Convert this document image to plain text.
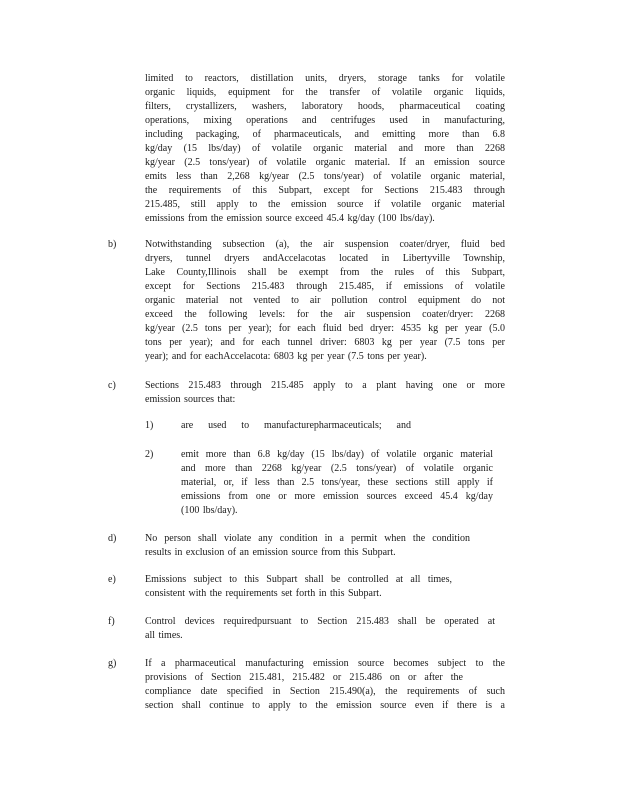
limited to reactors, distillation units, dryers, storage tanks for volatile
organic liquids, equipment for the transfer of volatile organic liquids,
filters, crystallizers, washers, laboratory hoods, pharmaceutical coating
operations, mixing operations and centrifuges used in manufacturing,
including packaging, of pharmaceuticals, and emitting more than 6.8
kg/day (15 lbs/day) of volatile organic material and more than 2268
kg/year (2.5 tons/year) of volatile organic material. If an emission source
emits less than 2,268 kg/year (2.5 tons/year) of volatile organic material,
the requirements of this Subpart, except for Sections 215.483 through
215.485, still apply to the emission source if volatile organic material
emissions from the emission source exceed 45.4 kg/day (100 lbs/day).
b)	Notwithstanding subsection (a), the air suspension coater/dryer, fluid bed
dryers, tunnel dryers andAccelacotas located in Libertyville Township,
Lake County,Illinois shall be exempt from the rules of this Subpart,
except for Sections 215.483 through 215.485, if emissions of volatile
organic material not vented to air pollution control equipment do not
exceed the following levels: for the air suspension coater/dryer: 2268
kg/year (2.5 tons per year); for each fluid bed dryer: 4535 kg per year (5.0
tons per year); and for each tunnel driver: 6803 kg per year (7.5 tons per
year); and for eachAccelacota: 6803 kg per year (7.5 tons per year).
c)	Sections 215.483 through 215.485 apply to a plant having one or more
emission sources that:
1)	are used to manufacturepharmaceuticals; and
2)	emit more than 6.8 kg/day (15 lbs/day) of volatile organic material
and more than 2268 kg/year (2.5 tons/year) of volatile organic
material, or, if less than 2.5 tons/year, these sections still apply if
emissions from one or more emission sources exceed 45.4 kg/day
(100 lbs/day).
d)	No person shall violate any condition in a permit when the condition
results in exclusion of an emission source from this Subpart.
e)	Emissions subject to this Subpart shall be controlled at all times,
consistent with the requirements set forth in this Subpart.
f)	Control devices requiredpursuant to Section 215.483 shall be operated at
all times.
g)	If a pharmaceutical manufacturing emission source becomes subject to the
provisions of Section 215.481, 215.482 or 215.486 on or after the
compliance date specified in Section 215.490(a), the requirements of such
section shall continue to apply to the emission source even if there is a
